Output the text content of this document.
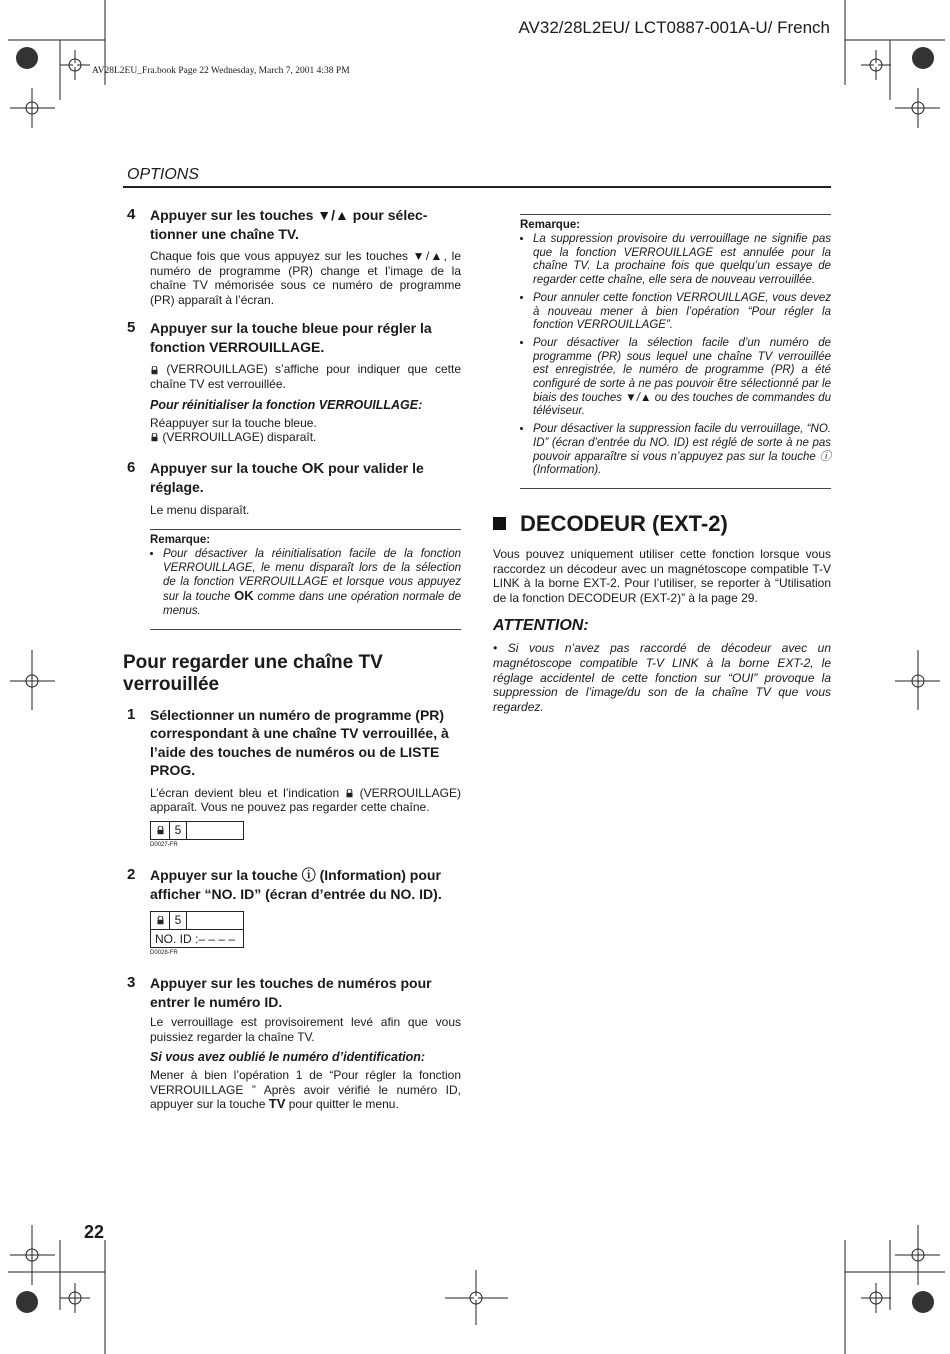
AV32/28L2EU/ LCT0887-001A-U/ French
AV28L2EU_Fra.book Page 22 Wednesday, March 7, 2001 4:38 PM
OPTIONS
4 Appuyer sur les touches ▼/▲ pour sélec-tionner une chaîne TV.
Chaque fois que vous appuyez sur les touches ▼/▲, le numéro de programme (PR) change et l’image de la chaîne TV mémorisée sous ce numéro de programme (PR) apparaît à l’écran.
5 Appuyer sur la touche bleue pour régler la fonction VERROUILLAGE.
(VERROUILLAGE) s’affiche pour indiquer que cette chaîne TV est verrouillée.
Pour réinitialiser la fonction VERROUILLAGE:
Réappuyer sur la touche bleue.
(VERROUILLAGE) disparaît.
6 Appuyer sur la touche OK pour valider le réglage.
Le menu disparaît.
Remarque:
• Pour désactiver la réinitialisation facile de la fonction VERROUILLAGE, le menu disparaît lors de la sélection de la fonction VERROUILLAGE et lorsque vous appuyez sur la touche OK comme dans une opération normale de menus.
Pour regarder une chaîne TV verrouillée
1 Sélectionner un numéro de programme (PR) correspondant à une chaîne TV verrouillée, à l’aide des touches de numéros ou de LISTE PROG.
L’écran devient bleu et l’indication  (VERROUILLAGE) apparaît. Vous ne pouvez pas regarder cette chaîne.
5
D0027-FR
2 Appuyer sur la touche ⓘ (Information) pour afficher “NO. ID” (écran d’entrée du NO. ID).
5
NO. ID :– – – –
D0028-FR
3 Appuyer sur les touches de numéros pour entrer le numéro ID.
Le verrouillage est provisoirement levé afin que vous puissiez regarder la chaîne TV.
Si vous avez oublié le numéro d’identification:
Mener à bien l’opération 1 de “Pour régler la fonction VERROUILLAGE ” Après avoir vérifié le numéro ID, appuyer sur la touche TV pour quitter le menu.
Remarque:
• La suppression provisoire du verrouillage ne signifie pas que la fonction VERROUILLAGE est annulée pour la chaîne TV. La prochaine fois que quelqu’un essaye de regarder cette chaîne, elle sera de nouveau verrouillée.
• Pour annuler cette fonction VERROUILLAGE, vous devez à nouveau mener à bien l’opération “Pour régler la fonction VERROUILLAGE”.
• Pour désactiver la sélection facile d’un numéro de programme (PR) sous lequel une chaîne TV verrouillée est enregistrée, le numéro de programme (PR) a été configuré de sorte à ne pas pouvoir être sélectionné par le biais des touches ▼/▲ ou des touches de commandes du téléviseur.
• Pour désactiver la suppression facile du verrouillage, “NO. ID” (écran d’entrée du NO. ID) est réglé de sorte à ne pas pouvoir apparaître si vous n’appuyez pas sur la touche ⓘ (Information).
DECODEUR (EXT-2)
Vous pouvez uniquement utiliser cette fonction lorsque vous raccordez un décodeur avec un magnétoscope compatible T-V LINK à la borne EXT-2. Pour l’utiliser, se reporter à “Utilisation de la fonction DECODEUR (EXT-2)” à la page 29.
ATTENTION:
• Si vous n’avez pas raccordé de décodeur avec un magnétoscope compatible T-V LINK à la borne EXT-2, le réglage accidentel de cette fonction sur “OUI” provoque la suppression de l’image/du son de la chaîne TV que vous regardez.
22
